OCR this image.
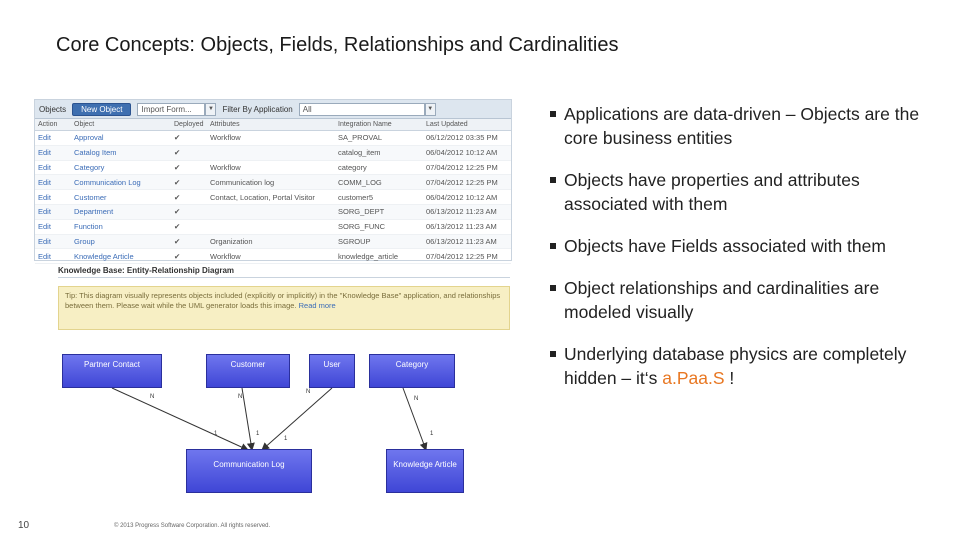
Core Concepts: Objects, Fields, Relationships and Cardinalities
Objects	New Object	Import Form...	▼	Filter By Application	All	▼
Action	Object	Deployed	Attributes	Integration Name	Last Updated
Edit	Approval	✔	Workflow	SA_PROVAL	06/12/2012 03:35 PM
Edit	Catalog Item	✔		catalog_item	06/04/2012 10:12 AM
Edit	Category	✔	Workflow	category	07/04/2012 12:25 PM
Edit	Communication Log	✔	Communication log	COMM_LOG	07/04/2012 12:25 PM
Edit	Customer	✔	Contact, Location, Portal Visitor	customer5	06/04/2012 10:12 AM
Edit	Department	✔		SORG_DEPT	06/13/2012 11:23 AM
Edit	Function	✔		SORG_FUNC	06/13/2012 11:23 AM
Edit	Group	✔	Organization	SGROUP	06/13/2012 11:23 AM
Edit	Knowledge Article	✔	Workflow	knowledge_article	07/04/2012 12:25 PM
Knowledge Base: Entity-Relationship Diagram
Tip: This diagram visually represents objects included (explicitly or implicitly) in the "Knowledge Base" application, and relationships between them. Please wait while the UML generator loads this image. Read more
N	N
N
N
1	1
1
1
Partner Contact	Customer	User	Category
Communication Log	Knowledge Article
Applications are data-driven – Objects are the core business entities
Objects have properties and attributes associated with them
Objects have Fields associated with them
Object relationships and cardinalities are modeled visually
Underlying database physics are completely hidden – it‘s a.Paa.S !
10	© 2013 Progress Software Corporation. All rights reserved.
